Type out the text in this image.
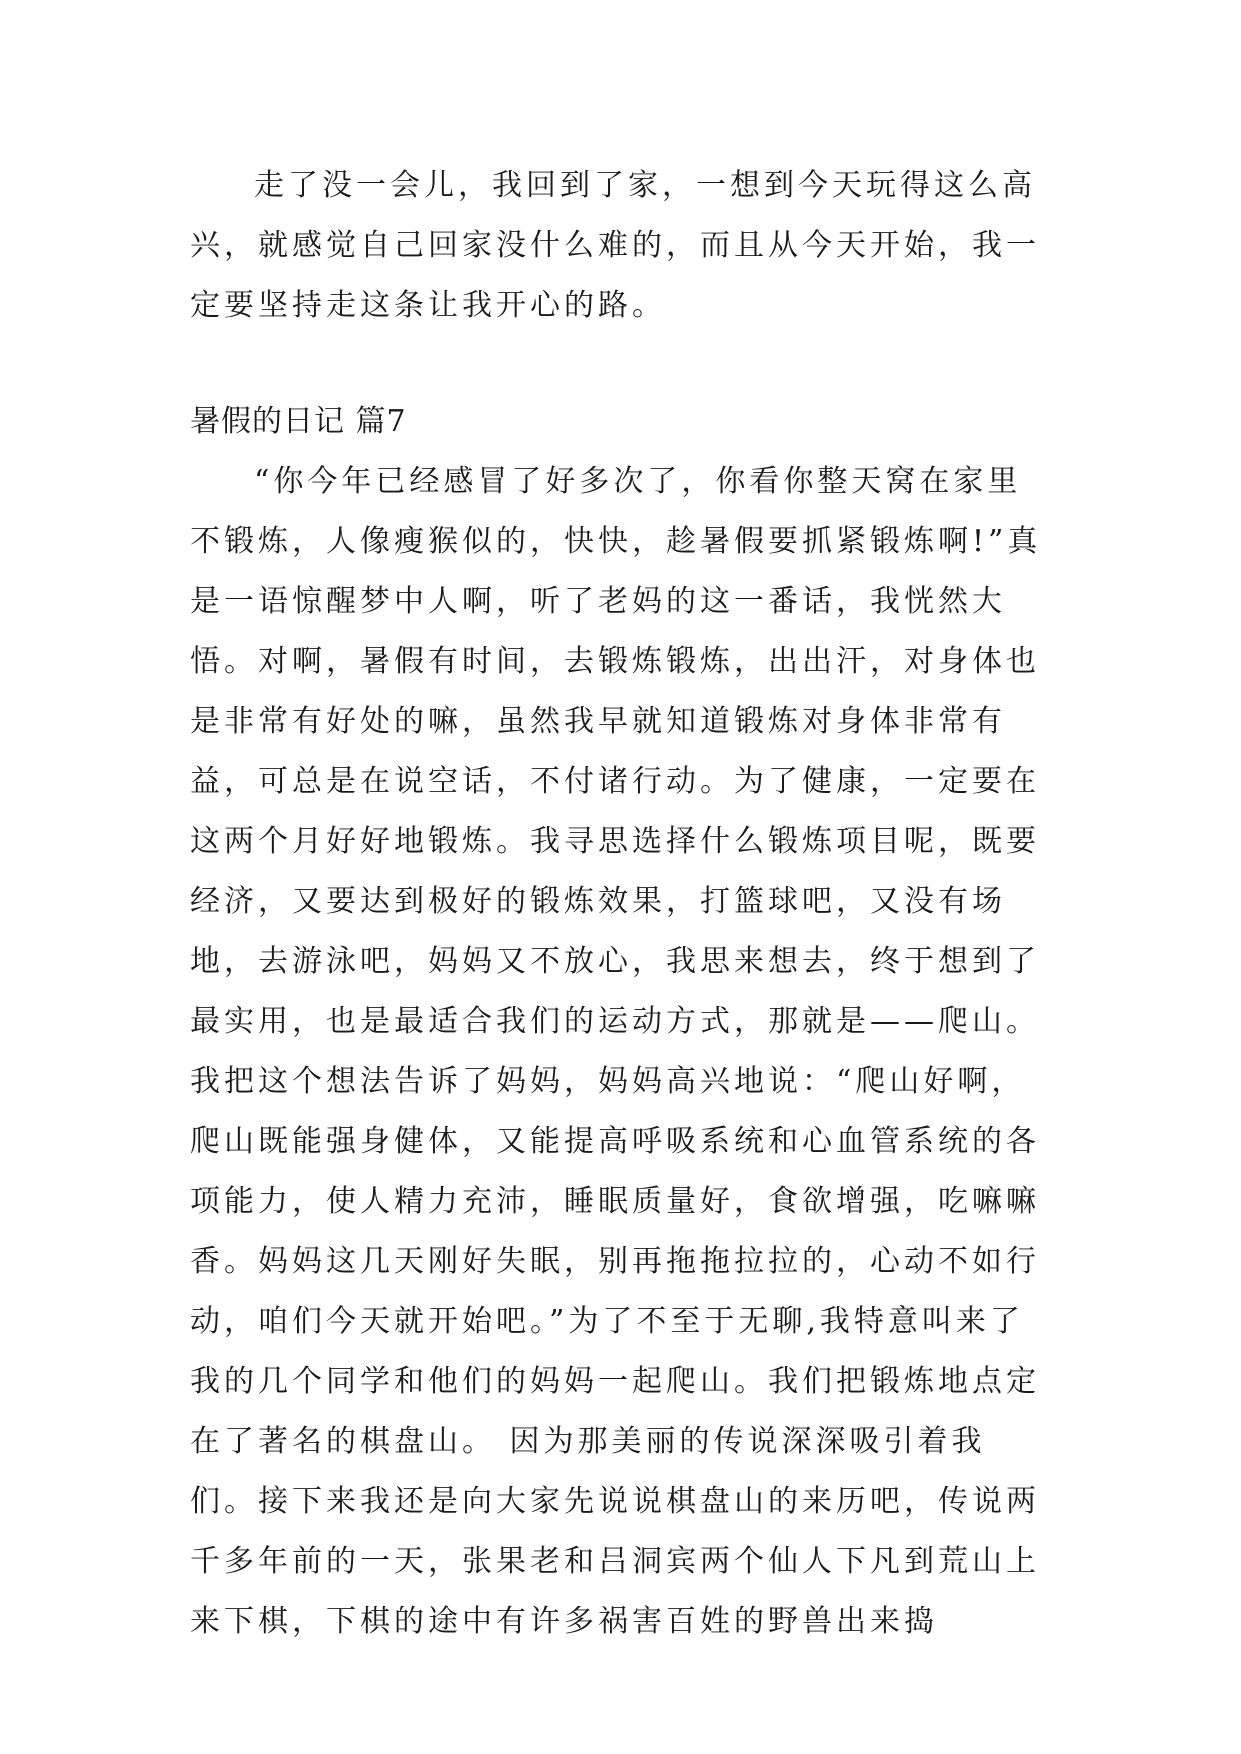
走了没一会儿，我回到了家，一想到今天玩得这么高兴，就感觉自己回家没什么难的，而且从今天开始，我一定要坚持走这条让我开心的路。

暑假的日记 篇7

“你今年已经感冒了好多次了，你看你整天窝在家里不锻炼，人像瘦猴似的，快快，趁暑假要抓紧锻炼啊!”真是一语惊醒梦中人啊，听了老妈的这一番话，我恍然大悟。对啊，暑假有时间，去锻炼锻炼，出出汗，对身体也是非常有好处的嘛，虽然我早就知道锻炼对身体非常有益，可总是在说空话，不付诸行动。为了健康，一定要在这两个月好好地锻炼。我寻思选择什么锻炼项目呢，既要经济，又要达到极好的锻炼效果，打篮球吧，又没有场地，去游泳吧，妈妈又不放心，我思来想去，终于想到了最实用，也是最适合我们的运动方式，那就是——爬山。我把这个想法告诉了妈妈，妈妈高兴地说：“爬山好啊，爬山既能强身健体，又能提高呼吸系统和心血管系统的各项能力，使人精力充沛，睡眠质量好，食欲增强，吃嘛嘛香。妈妈这几天刚好失眠，别再拖拖拉拉的，心动不如行动，咱们今天就开始吧。”为了不至于无聊,我特意叫来了我的几个同学和他们的妈妈一起爬山。我们把锻炼地点定在了著名的棋盘山。 因为那美丽的传说深深吸引着我们。接下来我还是向大家先说说棋盘山的来历吧，传说两千多年前的一天，张果老和吕洞宾两个仙人下凡到荒山上来下棋，下棋的途中有许多祸害百姓的野兽出来捣
